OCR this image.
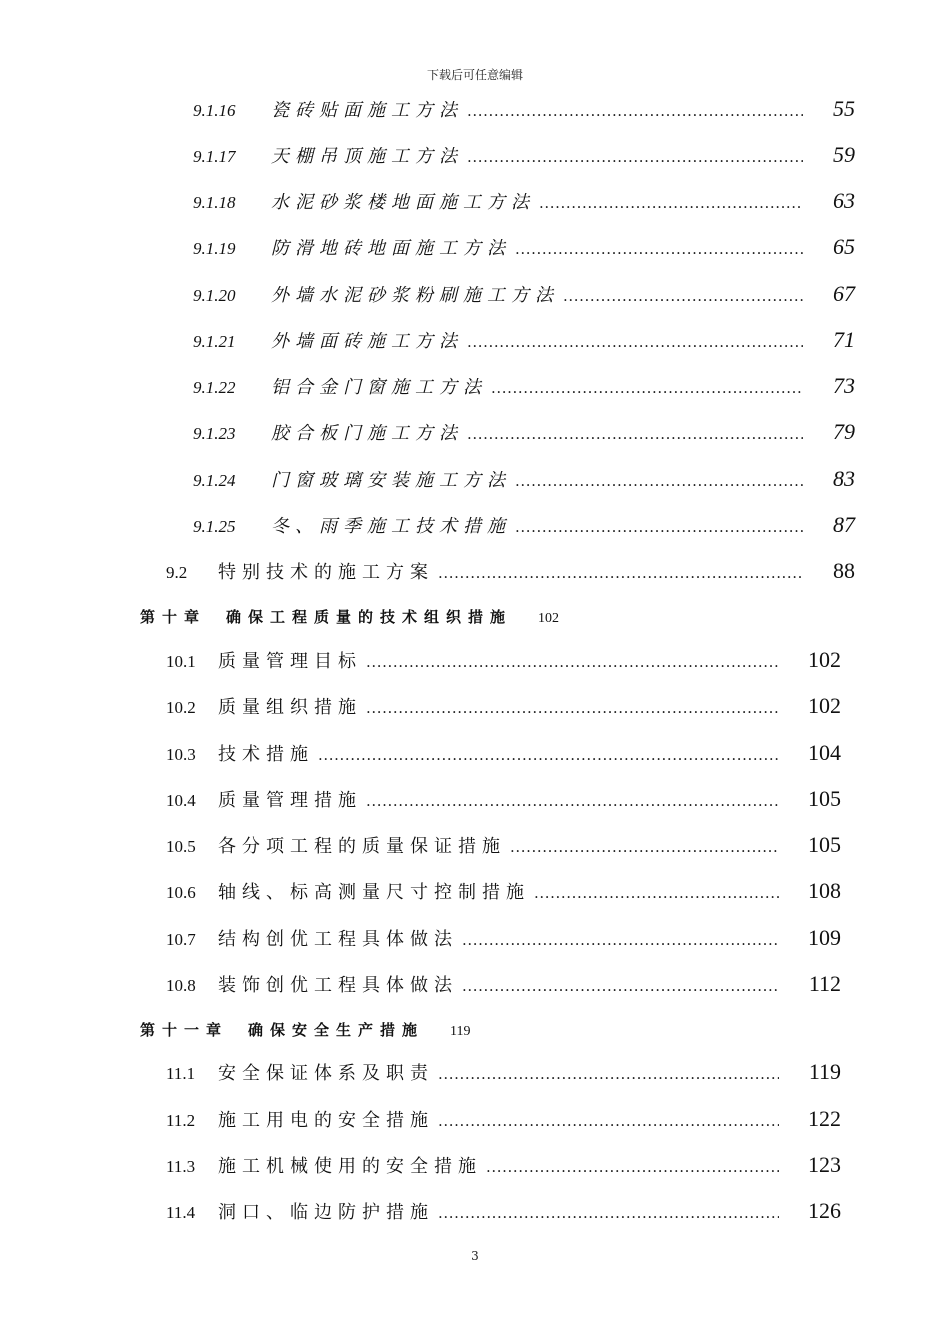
下载后可任意编辑
9.1.16	瓷砖贴面施工方法 .....	55
9.1.17	天棚吊顶施工方法 .....	59
9.1.18	水泥砂浆楼地面施工方法 .....	63
9.1.19	防滑地砖地面施工方法 .....	65
9.1.20	外墙水泥砂浆粉刷施工方法 .....	67
9.1.21	外墙面砖施工方法 .....	71
9.1.22	铝合金门窗施工方法 .....	73
9.1.23	胶合板门施工方法 .....	79
9.1.24	门窗玻璃安装施工方法 .....	83
9.1.25	冬、雨季施工技术措施 .....	87
9.2	特别技术的施工方案 .....	88
第十章 确保工程质量的技术组织措施 102
10.1	质量管理目标 .....	102
10.2	质量组织措施 .....	102
10.3	技术措施 .....	104
10.4	质量管理措施 .....	105
10.5	各分项工程的质量保证措施 .....	105
10.6	轴线、标高测量尺寸控制措施 .....	108
10.7	结构创优工程具体做法 .....	109
10.8	装饰创优工程具体做法 .....	112
第十一章 确保安全生产措施 119
11.1	安全保证体系及职责 .....	119
11.2	施工用电的安全措施 .....	122
11.3	施工机械使用的安全措施 .....	123
11.4	洞口、临边防护措施 .....	126
3
